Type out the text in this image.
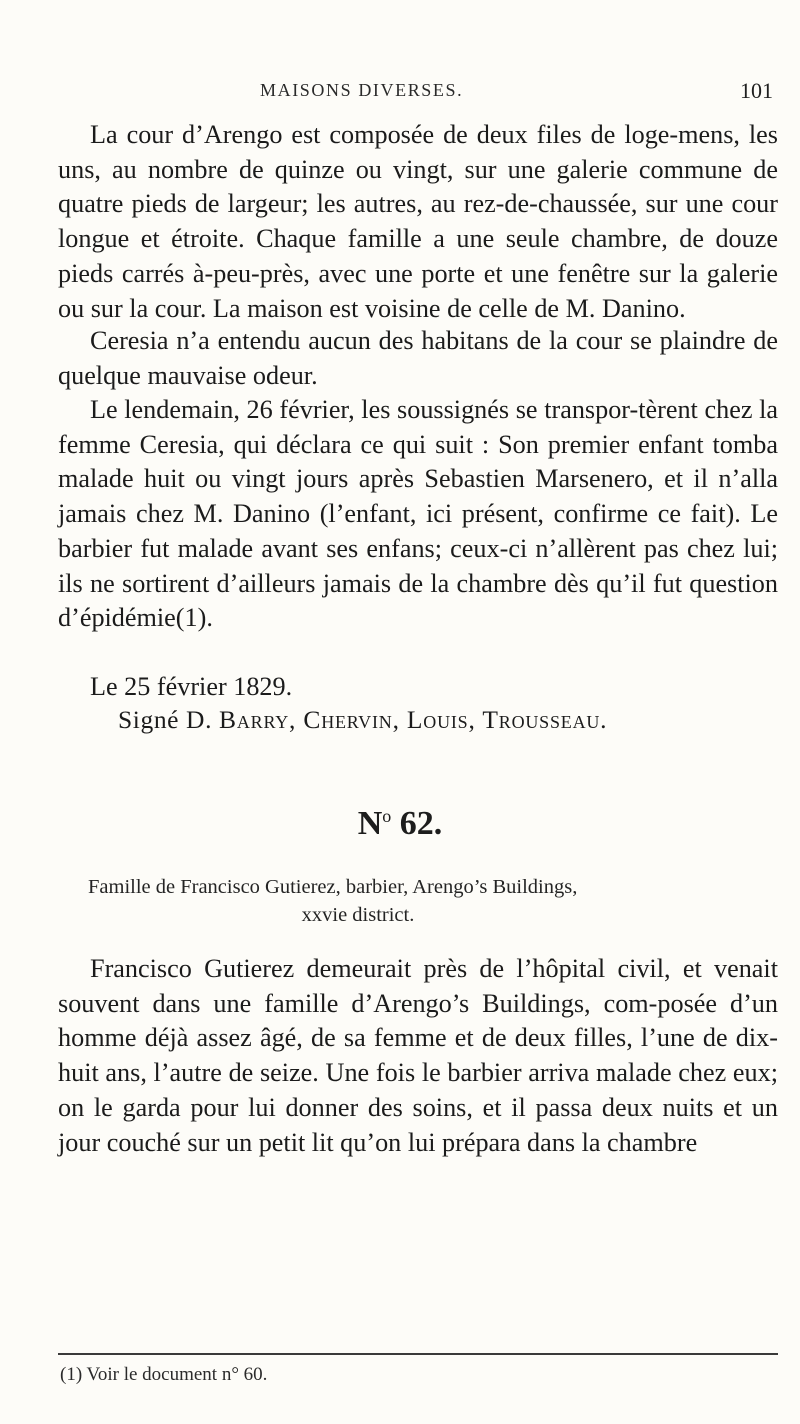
MAISONS DIVERSES.	101

La cour d’Arengo est composée de deux files de loge-mens, les uns, au nombre de quinze ou vingt, sur une galerie commune de quatre pieds de largeur; les autres, au rez-de-chaussée, sur une cour longue et étroite. Chaque famille a une seule chambre, de douze pieds carrés à-peu-près, avec une porte et une fenêtre sur la galerie ou sur la cour. La maison est voisine de celle de M. Danino.

Ceresia n’a entendu aucun des habitans de la cour se plaindre de quelque mauvaise odeur.

Le lendemain, 26 février, les soussignés se transpor-tèrent chez la femme Ceresia, qui déclara ce qui suit : Son premier enfant tomba malade huit ou vingt jours après Sebastien Marsenero, et il n’alla jamais chez M. Danino (l’enfant, ici présent, confirme ce fait). Le barbier fut malade avant ses enfans; ceux-ci n’allèrent pas chez lui; ils ne sortirent d’ailleurs jamais de la chambre dès qu’il fut question d’épidémie(1).

Le 25 février 1829.

Signé D. Barry, Chervin, Louis, Trousseau.

$N^o$ 62.
Famille de Francisco Gutierez, barbier, Arengo’s Buildings,
xxvie district.

Francisco Gutierez demeurait près de l’hôpital civil, et venait souvent dans une famille d’Arengo’s Buildings, com-posée d’un homme déjà assez âgé, de sa femme et de deux filles, l’une de dix-huit ans, l’autre de seize. Une fois le barbier arriva malade chez eux; on le garda pour lui donner des soins, et il passa deux nuits et un jour couché sur un petit lit qu’on lui prépara dans la chambre

(1) Voir le document n° 60.
